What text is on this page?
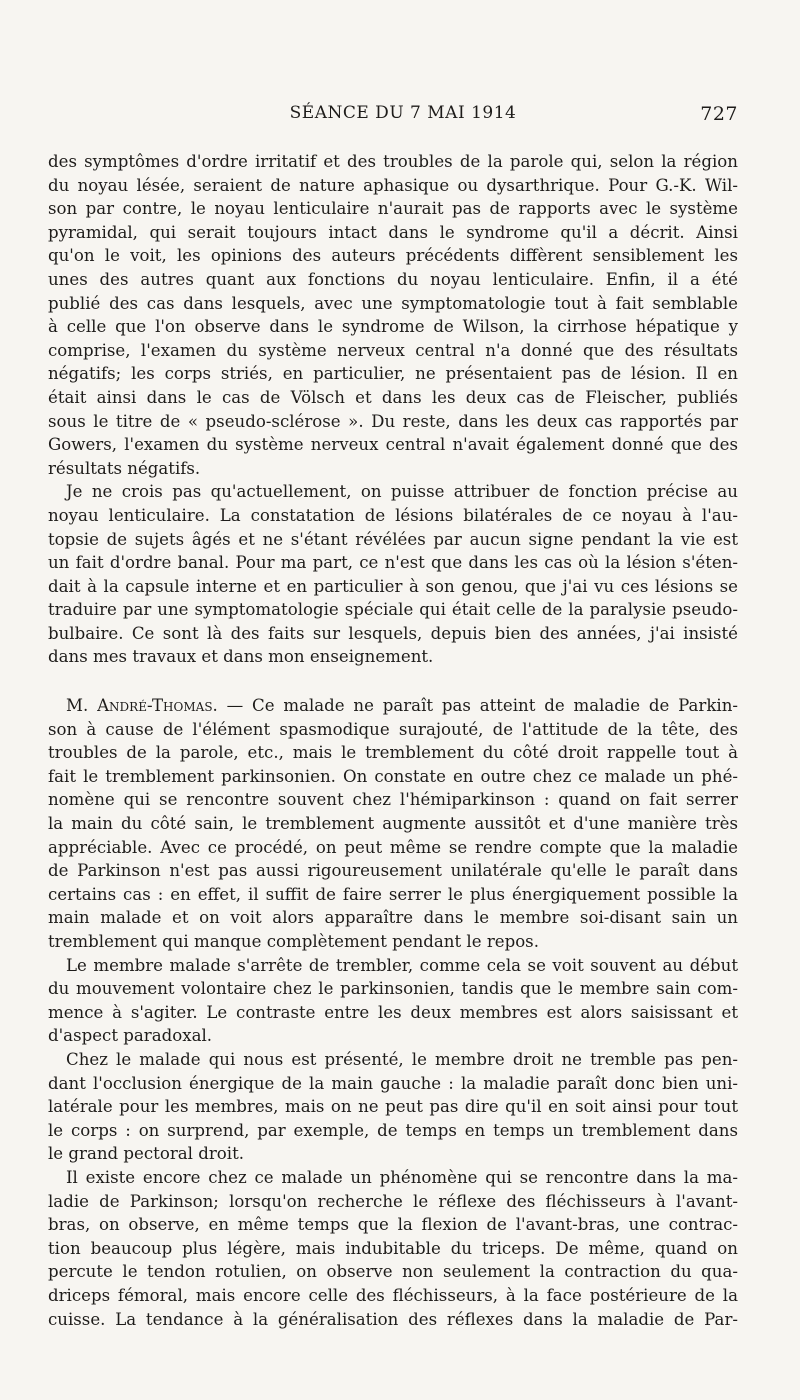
SÉANCE DU 7 MAI 1914	727
des symptômes d'ordre irritatif et des troubles de la parole qui, selon la région
du noyau lésée, seraient de nature aphasique ou dysarthrique. Pour G.-K. Wil-
son par contre, le noyau lenticulaire n'aurait pas de rapports avec le système
pyramidal, qui serait toujours intact dans le syndrome qu'il a décrit. Ainsi
qu'on le voit, les opinions des auteurs précédents diffèrent sensiblement les
unes des autres quant aux fonctions du noyau lenticulaire. Enfin, il a été
publié des cas dans lesquels, avec une symptomatologie tout à fait semblable
à celle que l'on observe dans le syndrome de Wilson, la cirrhose hépatique y
comprise, l'examen du système nerveux central n'a donné que des résultats
négatifs; les corps striés, en particulier, ne présentaient pas de lésion. Il en
était ainsi dans le cas de Völsch et dans les deux cas de Fleischer, publiés
sous le titre de « pseudo-sclérose ». Du reste, dans les deux cas rapportés par
Gowers, l'examen du système nerveux central n'avait également donné que des
résultats négatifs.
Je ne crois pas qu'actuellement, on puisse attribuer de fonction précise au
noyau lenticulaire. La constatation de lésions bilatérales de ce noyau à l'au-
topsie de sujets âgés et ne s'étant révélées par aucun signe pendant la vie est
un fait d'ordre banal. Pour ma part, ce n'est que dans les cas où la lésion s'éten-
dait à la capsule interne et en particulier à son genou, que j'ai vu ces lésions se
traduire par une symptomatologie spéciale qui était celle de la paralysie pseudo-
bulbaire. Ce sont là des faits sur lesquels, depuis bien des années, j'ai insisté
dans mes travaux et dans mon enseignement.
M. André-Thomas. — Ce malade ne paraît pas atteint de maladie de Parkin-
son à cause de l'élément spasmodique surajouté, de l'attitude de la tête, des
troubles de la parole, etc., mais le tremblement du côté droit rappelle tout à
fait le tremblement parkinsonien. On constate en outre chez ce malade un phé-
nomène qui se rencontre souvent chez l'hémiparkinson : quand on fait serrer
la main du côté sain, le tremblement augmente aussitôt et d'une manière très
appréciable. Avec ce procédé, on peut même se rendre compte que la maladie
de Parkinson n'est pas aussi rigoureusement unilatérale qu'elle le paraît dans
certains cas : en effet, il suffit de faire serrer le plus énergiquement possible la
main malade et on voit alors apparaître dans le membre soi-disant sain un
tremblement qui manque complètement pendant le repos.
Le membre malade s'arrête de trembler, comme cela se voit souvent au début
du mouvement volontaire chez le parkinsonien, tandis que le membre sain com-
mence à s'agiter. Le contraste entre les deux membres est alors saisissant et
d'aspect paradoxal.
Chez le malade qui nous est présenté, le membre droit ne tremble pas pen-
dant l'occlusion énergique de la main gauche : la maladie paraît donc bien uni-
latérale pour les membres, mais on ne peut pas dire qu'il en soit ainsi pour tout
le corps : on surprend, par exemple, de temps en temps un tremblement dans
le grand pectoral droit.
Il existe encore chez ce malade un phénomène qui se rencontre dans la ma-
ladie de Parkinson; lorsqu'on recherche le réflexe des fléchisseurs à l'avant-
bras, on observe, en même temps que la flexion de l'avant-bras, une contrac-
tion beaucoup plus légère, mais indubitable du triceps. De même, quand on
percute le tendon rotulien, on observe non seulement la contraction du qua-
driceps fémoral, mais encore celle des fléchisseurs, à la face postérieure de la
cuisse. La tendance à la généralisation des réflexes dans la maladie de Par-
